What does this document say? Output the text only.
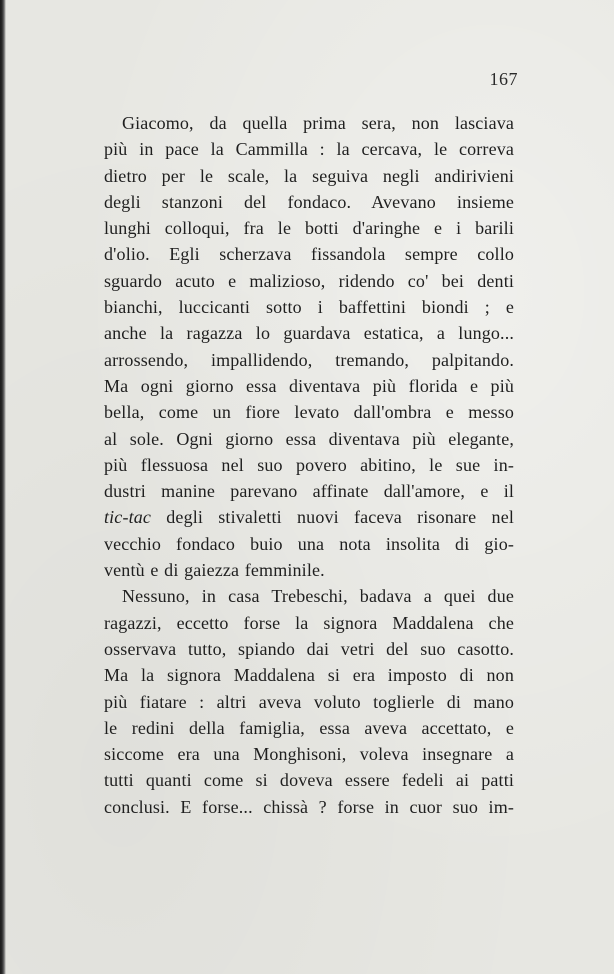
167

Giacomo, da quella prima sera, non lasciava
più in pace la Cammilla : la cercava, le correva
dietro per le scale, la seguiva negli andirivieni
degli stanzoni del fondaco. Avevano insieme
lunghi colloqui, fra le botti d'aringhe e i barili
d'olio. Egli scherzava fissandola sempre collo
sguardo acuto e malizioso, ridendo co' bei denti
bianchi, luccicanti sotto i baffettini biondi ; e
anche la ragazza lo guardava estatica, a lungo...
arrossendo, impallidendo, tremando, palpitando.
Ma ogni giorno essa diventava più florida e più
bella, come un fiore levato dall'ombra e messo
al sole. Ogni giorno essa diventava più elegante,
più flessuosa nel suo povero abitino, le sue in-
dustri manine parevano affinate dall'amore, e il
tic-tac degli stivaletti nuovi faceva risonare nel
vecchio fondaco buio una nota insolita di gio-
ventù e di gaiezza femminile.

Nessuno, in casa Trebeschi, badava a quei due
ragazzi, eccetto forse la signora Maddalena che
osservava tutto, spiando dai vetri del suo casotto.
Ma la signora Maddalena si era imposto di non
più fiatare : altri aveva voluto toglierle di mano
le redini della famiglia, essa aveva accettato, e
siccome era una Monghisoni, voleva insegnare a
tutti quanti come si doveva essere fedeli ai patti
conclusi. E forse... chissà ? forse in cuor suo im-
